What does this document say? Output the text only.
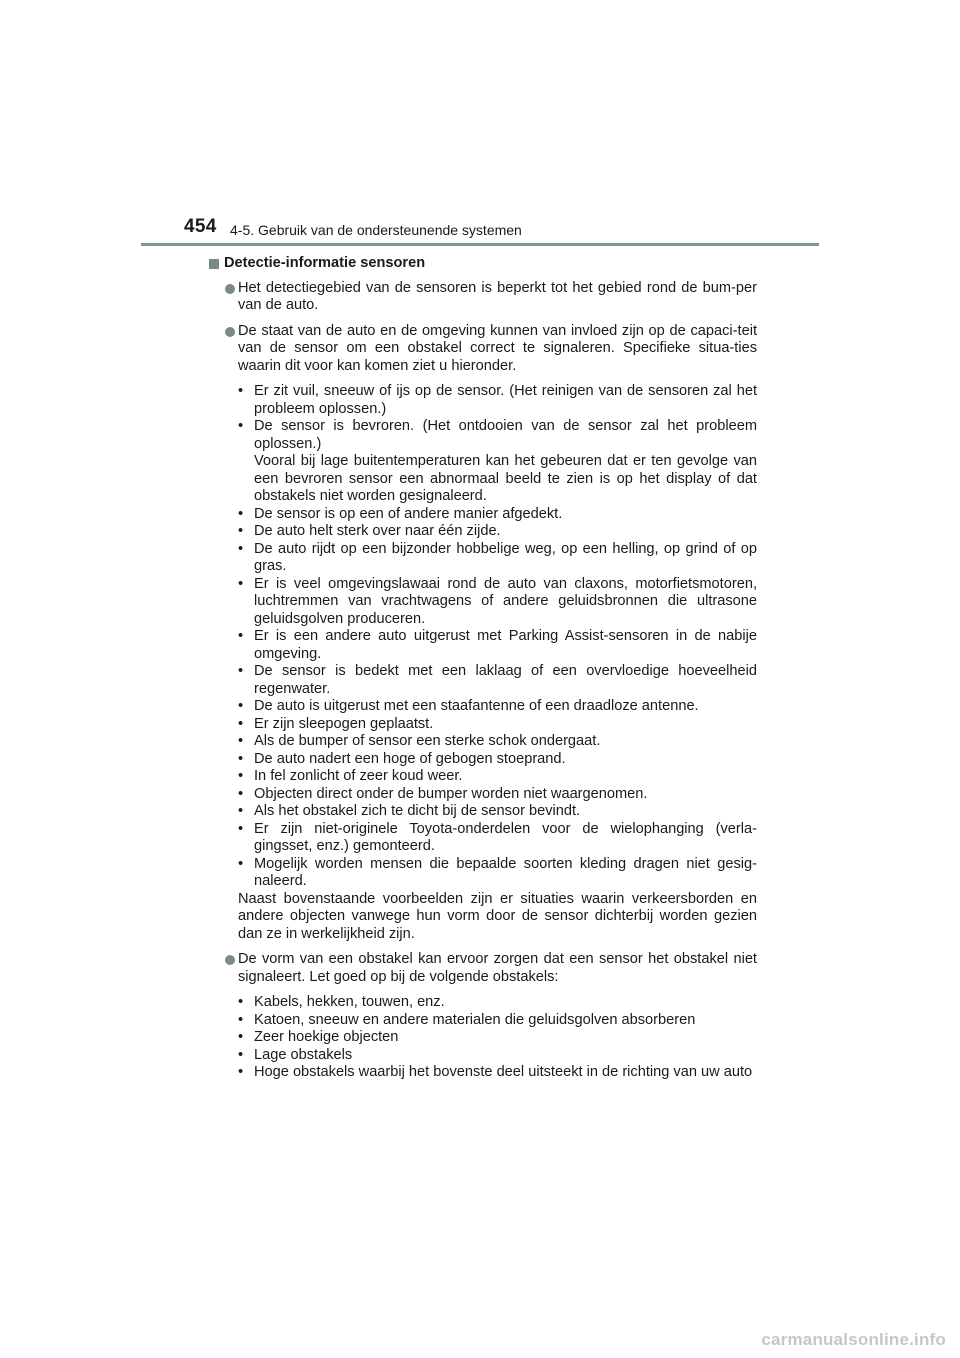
454 4-5. Gebruik van de ondersteunende systemen
Detectie-informatie sensoren
Het detectiegebied van de sensoren is beperkt tot het gebied rond de bum-per van de auto.
De staat van de auto en de omgeving kunnen van invloed zijn op de capaci-teit van de sensor om een obstakel correct te signaleren. Specifieke situa-ties waarin dit voor kan komen ziet u hieronder.
• Er zit vuil, sneeuw of ijs op de sensor. (Het reinigen van de sensoren zal het probleem oplossen.)
• De sensor is bevroren. (Het ontdooien van de sensor zal het probleem oplossen.)
Vooral bij lage buitentemperaturen kan het gebeuren dat er ten gevolge van een bevroren sensor een abnormaal beeld te zien is op het display of dat obstakels niet worden gesignaleerd.
• De sensor is op een of andere manier afgedekt.
• De auto helt sterk over naar één zijde.
• De auto rijdt op een bijzonder hobbelige weg, op een helling, op grind of op gras.
• Er is veel omgevingslawaai rond de auto van claxons, motorfietsmotoren, luchtremmen van vrachtwagens of andere geluidsbronnen die ultrasone geluidsgolven produceren.
• Er is een andere auto uitgerust met Parking Assist-sensoren in de nabije omgeving.
• De sensor is bedekt met een laklaag of een overvloedige hoeveelheid regenwater.
• De auto is uitgerust met een staafantenne of een draadloze antenne.
• Er zijn sleepogen geplaatst.
• Als de bumper of sensor een sterke schok ondergaat.
• De auto nadert een hoge of gebogen stoeprand.
• In fel zonlicht of zeer koud weer.
• Objecten direct onder de bumper worden niet waargenomen.
• Als het obstakel zich te dicht bij de sensor bevindt.
• Er zijn niet-originele Toyota-onderdelen voor de wielophanging (verla-gingsset, enz.) gemonteerd.
• Mogelijk worden mensen die bepaalde soorten kleding dragen niet gesig-naleerd.
Naast bovenstaande voorbeelden zijn er situaties waarin verkeersborden en andere objecten vanwege hun vorm door de sensor dichterbij worden gezien dan ze in werkelijkheid zijn.
De vorm van een obstakel kan ervoor zorgen dat een sensor het obstakel niet signaleert. Let goed op bij de volgende obstakels:
• Kabels, hekken, touwen, enz.
• Katoen, sneeuw en andere materialen die geluidsgolven absorberen
• Zeer hoekige objecten
• Lage obstakels
• Hoge obstakels waarbij het bovenste deel uitsteekt in de richting van uw auto
carmanualsonline.info
